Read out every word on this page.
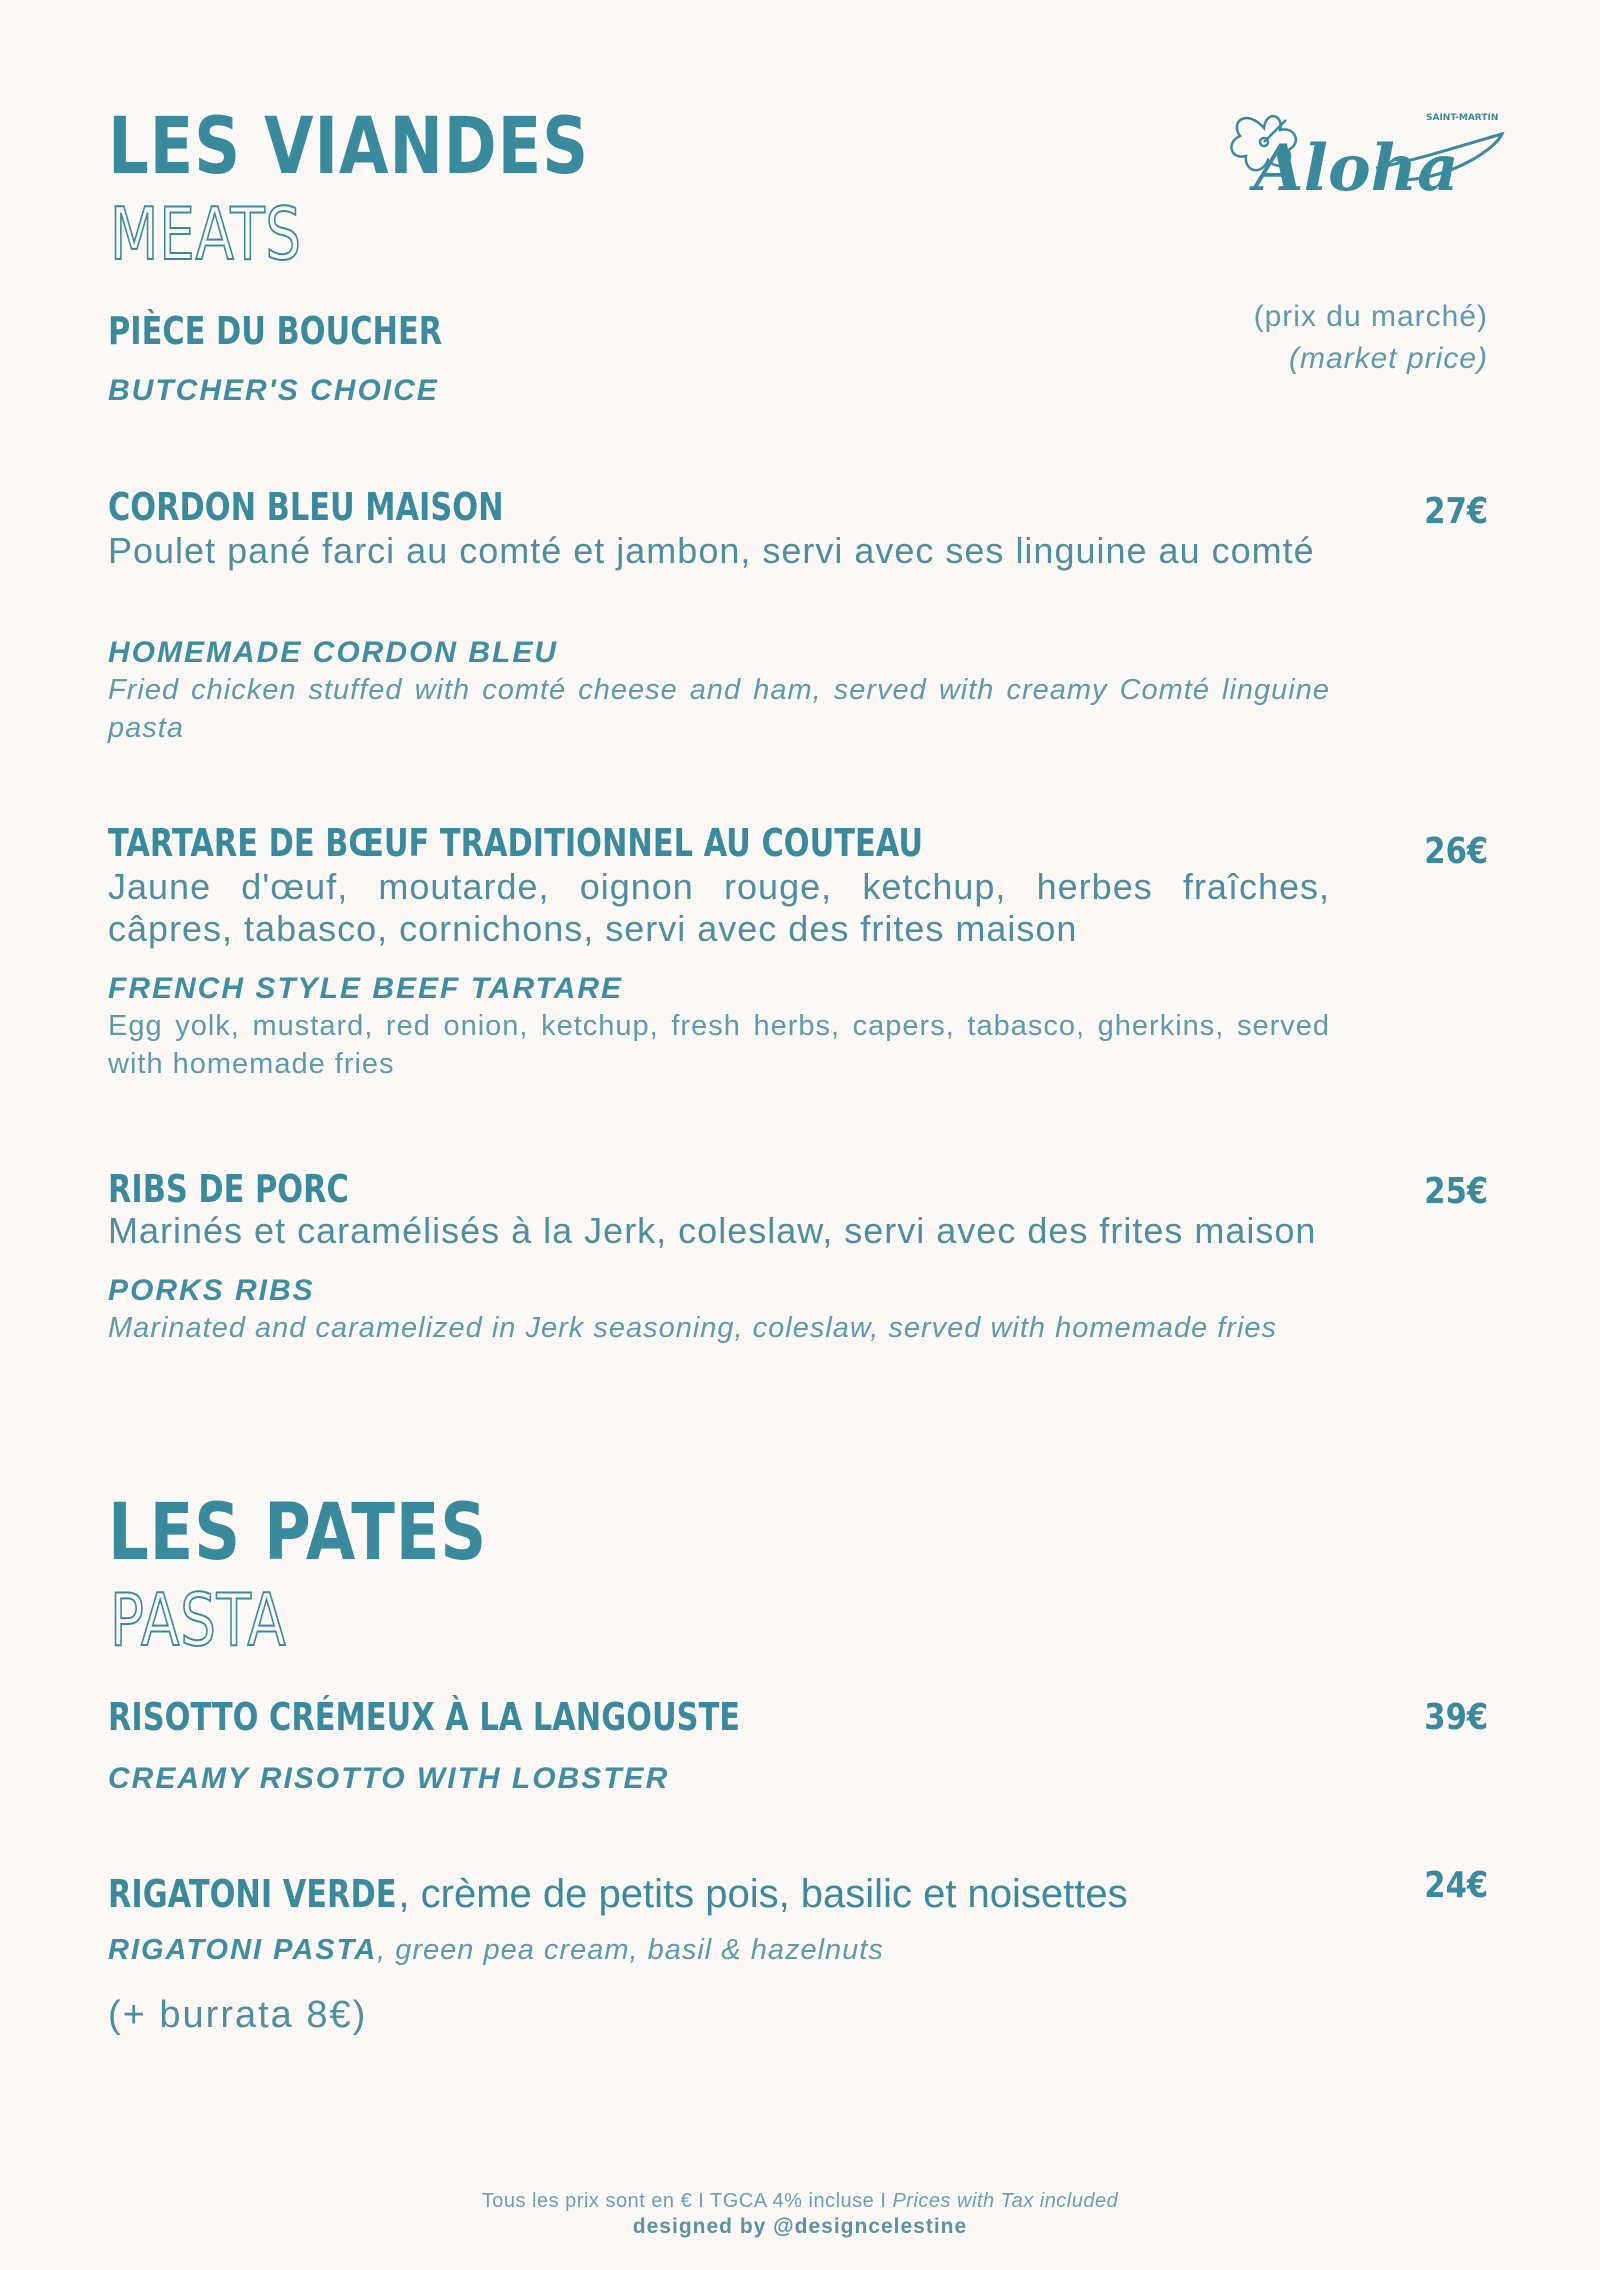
Aloha
SAINT-MARTIN
LES VIANDES
MEATS
PIÈCE DU BOUCHER
BUTCHER'S CHOICE
(prix du marché)
(market price)
CORDON BLEU MAISON	27€
Poulet pané farci au comté et jambon, servi avec ses linguine au comté
HOMEMADE CORDON BLEU
Fried chicken stuffed with comté cheese and ham, served with creamy Comté linguine pasta
TARTARE DE BŒUF TRADITIONNEL AU COUTEAU	26€
Jaune d'œuf, moutarde, oignon rouge, ketchup, herbes fraîches, câpres, tabasco, cornichons, servi avec des frites maison
FRENCH STYLE BEEF TARTARE
Egg yolk, mustard, red onion, ketchup, fresh herbs, capers, tabasco, gherkins, served with homemade fries
RIBS DE PORC	25€
Marinés et caramélisés à la Jerk, coleslaw, servi avec des frites maison
PORKS RIBS
Marinated and caramelized in Jerk seasoning, coleslaw, served with homemade fries
LES PATES
PASTA
RISOTTO CRÉMEUX À LA LANGOUSTE	39€
CREAMY RISOTTO WITH LOBSTER
RIGATONI VERDE, crème de petits pois, basilic et noisettes	24€
RIGATONI PASTA, green pea cream, basil & hazelnuts
(+ burrata 8€)
Tous les prix sont en € I TGCA 4% incluse I Prices with Tax included
designed by @designcelestine
